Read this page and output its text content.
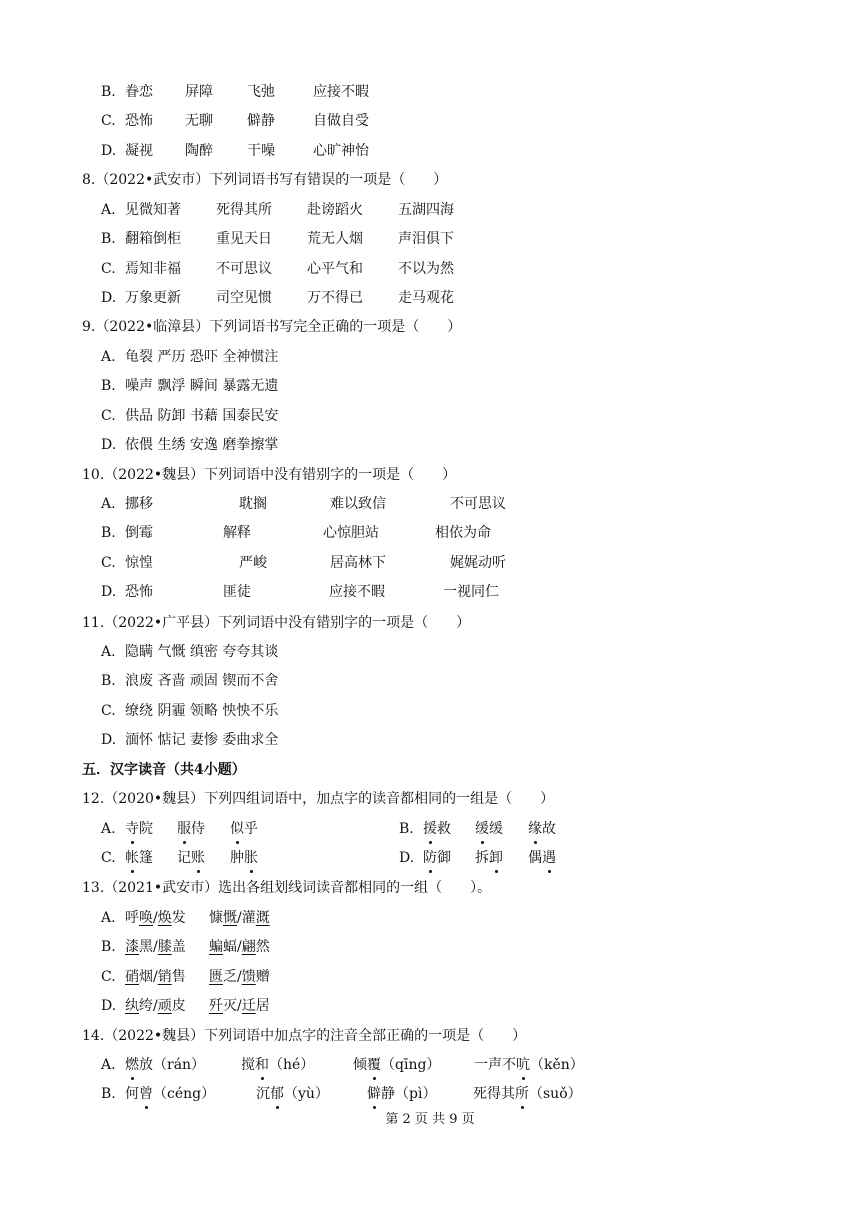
B. 眷恋 屏障 飞弛	应接不暇
C. 恐怖 无聊 僻静	自做自受
D. 凝视 陶醉 干噪	心旷神怡
8.（2022•武安市）下列词语书写有错误的一项是（　　）
A. 见微知著	死得其所	赴谤蹈火	五湖四海
B. 翻箱倒柜	重见天日	荒无人烟	声泪俱下
C. 焉知非福	不可思议	心平气和	不以为然
D. 万象更新	司空见惯	万不得已	走马观花
9.（2022•临漳县）下列词语书写完全正确的一项是（　　）
A. 龟裂 严历 恐吓 全神惯注
B. 噪声 飘浮 瞬间 暴露无遗
C. 供品 防卸 书藉 国泰民安
D. 依偎 生绣 安逸 磨拳擦掌
10.（2022•魏县）下列词语中没有错别字的一项是（　　）
A. 挪移	耽搁	难以致信	不可思议
B. 倒霉	解释	心惊胆站	相依为命
C. 惊惶	严峻	居高林下	娓娓动听
D. 恐怖	匪徒	应接不暇	一视同仁
11.（2022•广平县）下列词语中没有错别字的一项是（　　）
A. 隐瞒 气慨 缜密 夸夸其谈
B. 浪废 吝啬 顽固 锲而不舍
C. 缭绕 阴霾 领略 怏怏不乐
D. 湎怀 惦记 妻惨 委曲求全
五．汉字读音（共4小题）
12.（2020•魏县）下列四组词语中，加点字的读音都相同的一组是（　　）
A. 寺院 服侍 似乎	B. 援救 缓缓 缘故
C. 帐篷 记账 肿胀	D. 防御 拆卸 偶遇
13.（2021•武安市）选出各组划线词读音都相同的一组（　　）。
A. 呼唤/焕发 慷慨/灌溉
B. 漆黑/膝盖 蝙蝠/翩然
C. 硝烟/销售 匮乏/馈赠
D. 纨绔/顽皮 歼灭/迁居
14.（2022•魏县）下列词语中加点字的注音全部正确的一项是（　　）
A. 燃放（rán）	搅和（hé）	倾覆（qīng） 一声不吭（kěn）
B. 何曾（céng）	沉郁（yù）	僻静（pì）	死得其所（suǒ）
第 2 页 共 9 页
